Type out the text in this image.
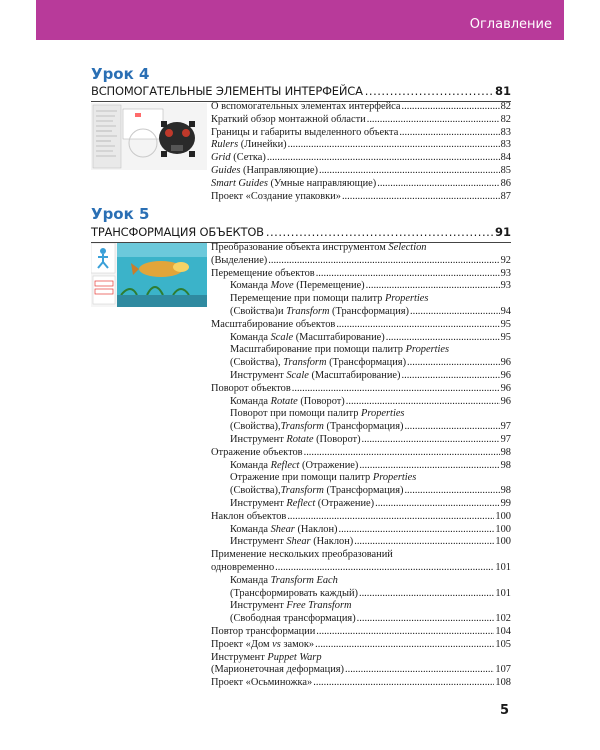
Оглавление
Урок 4
ВСПОМОГАТЕЛЬНЫЕ ЭЛЕМЕНТЫ ИНТЕРФЕЙСА .....	81
О вспомогательных элементах интерфейса .....	82
Краткий обзор монтажной области .....	82
Границы и габариты выделенного объекта .....	83
Rulers (Линейки) .....	83
Grid (Сетка) .....	84
Guides (Направляющие) .....	85
Smart Guides (Умные направляющие) .....	86
Проект «Создание упаковки» .....	87
Урок 5
ТРАНСФОРМАЦИЯ ОБЪЕКТОВ .....	91
Преобразование объекта инструментом Selection
(Выделение) .....	92
Перемещение объектов .....	93
Команда Move (Перемещение) .....	93
Перемещение при помощи палитр Properties
(Свойства)и Transform (Трансформация) .....	94
Масштабирование объектов .....	95
Команда Scale (Масштабирование) .....	95
Масштабирование при помощи палитр Properties
(Свойства), Transform (Трансформация) .....	96
Инструмент Scale (Масштабирование) .....	96
Поворот объектов .....	96
Команда Rotate (Поворот) .....	96
Поворот при помощи палитр Properties
(Свойства),Transform (Трансформация) .....	97
Инструмент Rotate (Поворот) .....	97
Отражение объектов .....	98
Команда Reflect (Отражение) .....	98
Отражение при помощи палитр Properties
(Свойства),Transform (Трансформация) .....	98
Инструмент Reflect (Отражение) .....	99
Наклон объектов .....	100
Команда Shear (Наклон) .....	100
Инструмент Shear (Наклон) .....	100
Применение нескольких преобразований
одновременно .....	101
Команда Transform Each
(Трансформировать каждый) .....	101
Инструмент Free Transform
(Свободная трансформация) .....	102
Повтор трансформации .....	104
Проект «Дом vs замок» .....	105
Инструмент Puppet Warp
(Марионеточная деформация) .....	107
Проект «Осьминожка» .....	108
5
